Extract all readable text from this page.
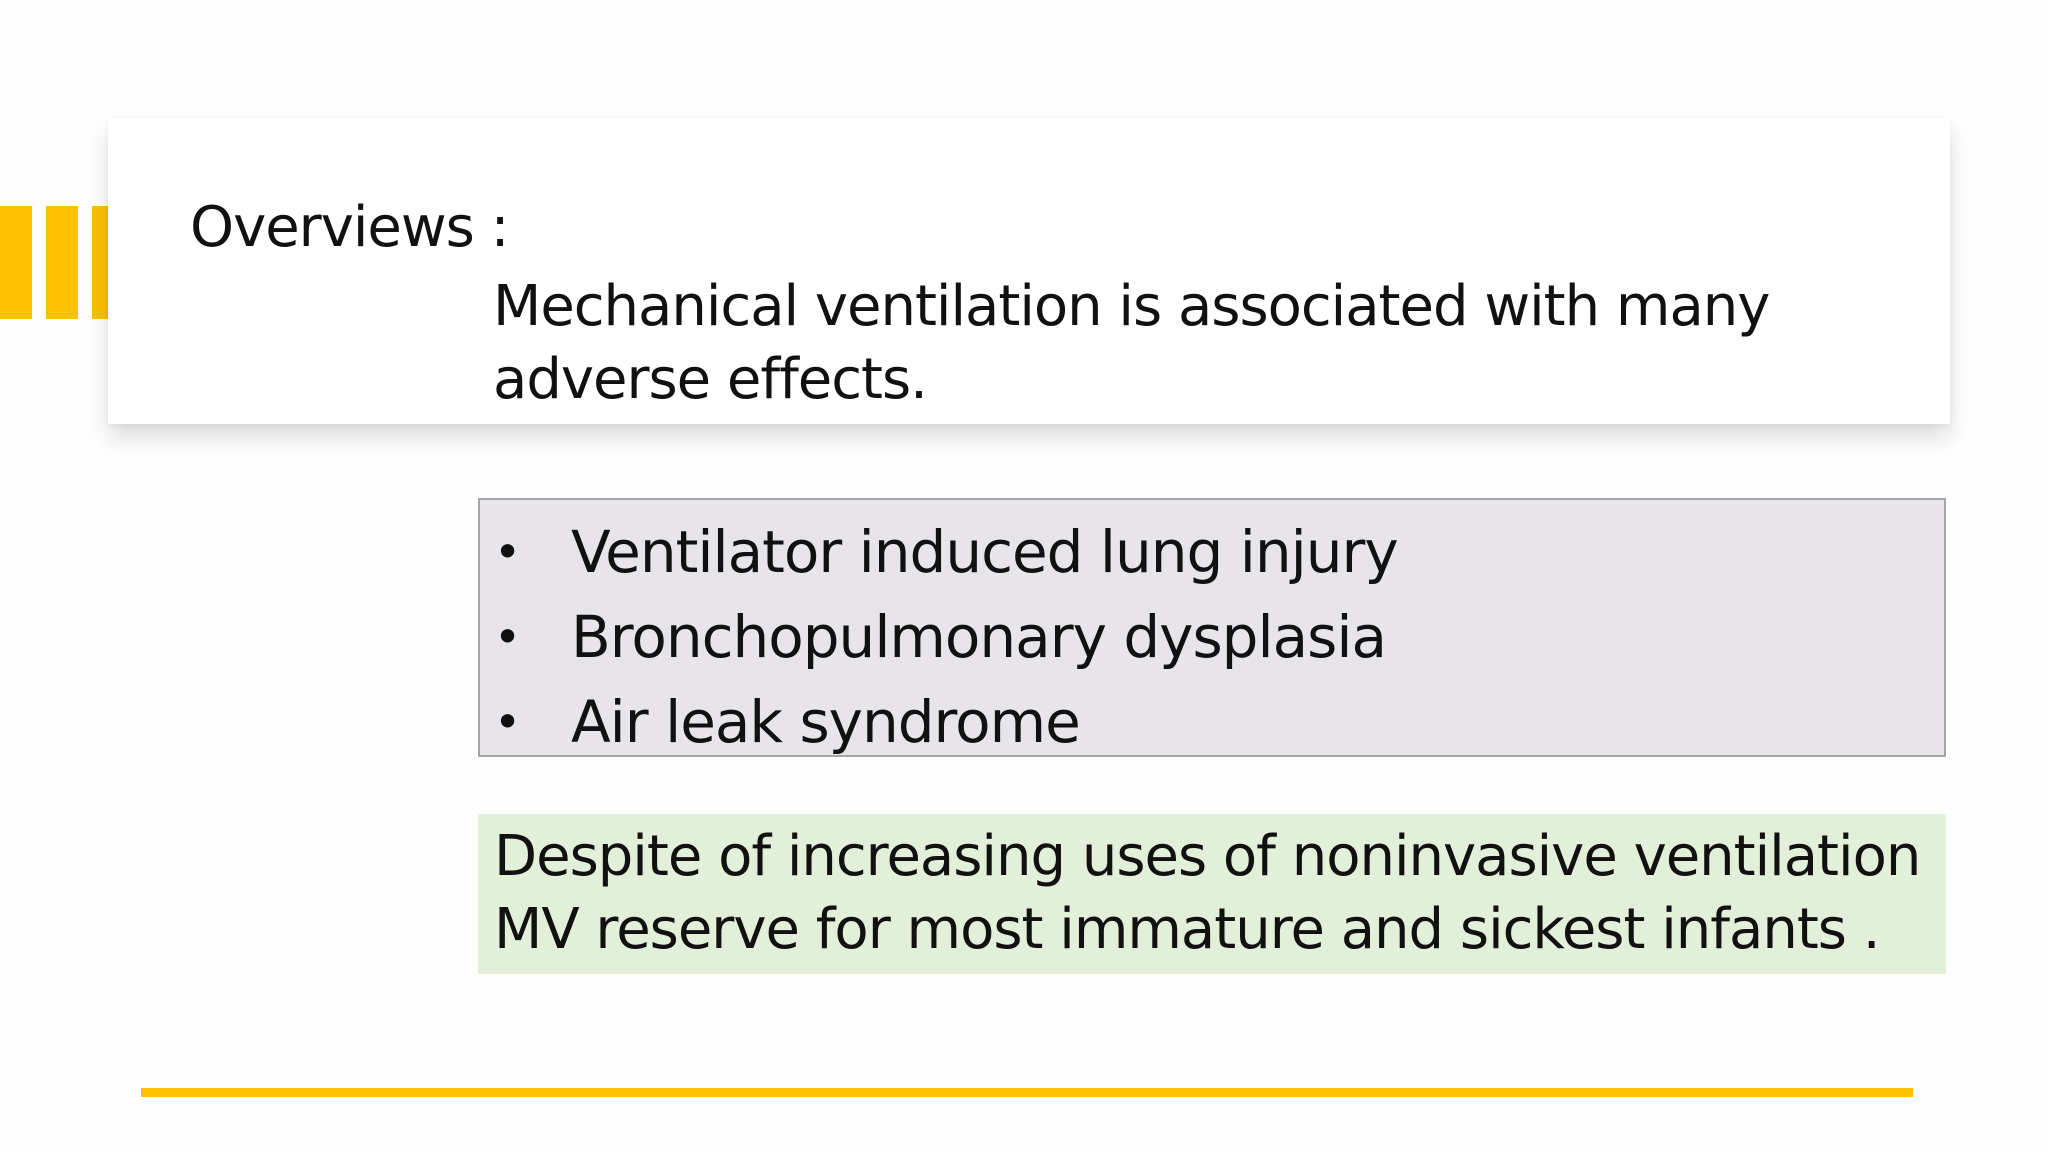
Overviews :
Mechanical ventilation is associated with many
adverse effects.
• Ventilator induced lung injury
• Bronchopulmonary dysplasia
• Air leak syndrome
Despite of increasing uses of noninvasive ventilation
MV reserve for most immature and sickest infants .
